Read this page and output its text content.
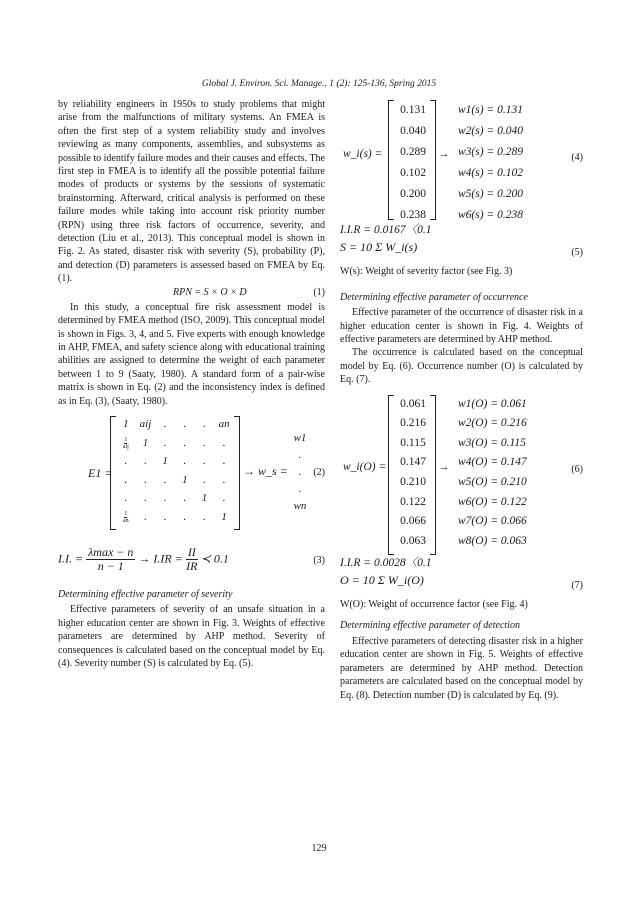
Global J. Environ. Sci. Manage., 1 (2): 125-136, Spring 2015

by reliability engineers in 1950s to study problems that might arise from the malfunctions of military systems. An FMEA is often the first step of a system reliability study and involves reviewing as many components, assemblies, and subsystems as possible to identify failure modes and their causes and effects. The first step in FMEA is to identify all the possible potential failure modes of products or systems by the sessions of systematic brainstorming. Afterward, critical analysis is performed on these failure modes while taking into account risk priority number (RPN) using three risk factors of occurrence, severity, and detection (Liu et al., 2013). This conceptual model is shown in Fig. 2. As stated, disaster risk with severity (S), probability (P), and detection (D) parameters is assessed based on FMEA by Eq. (1).

RPN = S × O × D	(1)

In this study, a conceptual fire risk assessment model is determined by FMEA method (ISO, 2009). This conceptual model is shown in Figs. 3, 4, and 5. Five experts with enough knowledge in AHP, FMEA, and safety science along with educational training abilities are assigned to determine the weight of each parameter between 1 to 9 (Saaty, 1980). A standard form of a pair-wise matrix is shown in Eq. (2) and the inconsistency index is defined as in Eq. (3), (Saaty, 1980).

E1 =
1 aij . . . an
$\frac{1}{\text{aij}} 1$ . . . .
. . 1 . . .
. . . 1 . .
. . . . 1 .
$\frac{1}{an}$ . . . . 1
→ w_s =
w1
.
.
.
wn
(2)
I.I. = $\frac{\lambda\max - n}{n - 1} \to I.IR = \frac{II}{IR}$ ≺ 0.1	(3)
Determining effective parameter of severity

Effective parameters of severity of an unsafe situation in a higher education center are shown in Fig. 3. Weights of effective parameters are determined by AHP method. Severity of consequences is calculated based on the conceptual model by Eq. (4). Severity number (S) is calculated by Eq. (5).

w_i(s) =
0.131
0.040
0.289
0.102
0.200
0.238
→
w1(s) = 0.131
w2(s) = 0.040
w3(s) = 0.289
w4(s) = 0.102
w5(s) = 0.200
w6(s) = 0.238
(4)
I.I.R = 0.0167〈0.1
S = 10 Σ W_i(s)	(5)

W(s): Weight of severity factor (see Fig. 3)

Determining effective parameter of occurrence

Effective parameter of the occurrence of disaster risk in a higher education center is shown in Fig. 4. Weights of effective parameters are determined by AHP method.

The occurrence is calculated based on the conceptual model by Eq. (6). Occurrence number (O) is calculated by Eq. (7).

w_i(O) =
0.061
0.216
0.115
0.147
0.210
0.122
0.066
0.063
→
w1(O) = 0.061
w2(O) = 0.216
w3(O) = 0.115
w4(O) = 0.147
w5(O) = 0.210
w6(O) = 0.122
w7(O) = 0.066
w8(O) = 0.063
(6)
I.I.R = 0.0028〈0.1
O = 10 Σ W_i(O)	(7)

W(O): Weight of occurrence factor (see Fig. 4)

Determining effective parameter of detection

Effective parameters of detecting disaster risk in a higher education center are shown in Fig. 5. Weights of effective parameters are determined by AHP method. Detection parameters are calculated based on the conceptual model by Eq. (8). Detection number (D) is calculated by Eq. (9).

129
